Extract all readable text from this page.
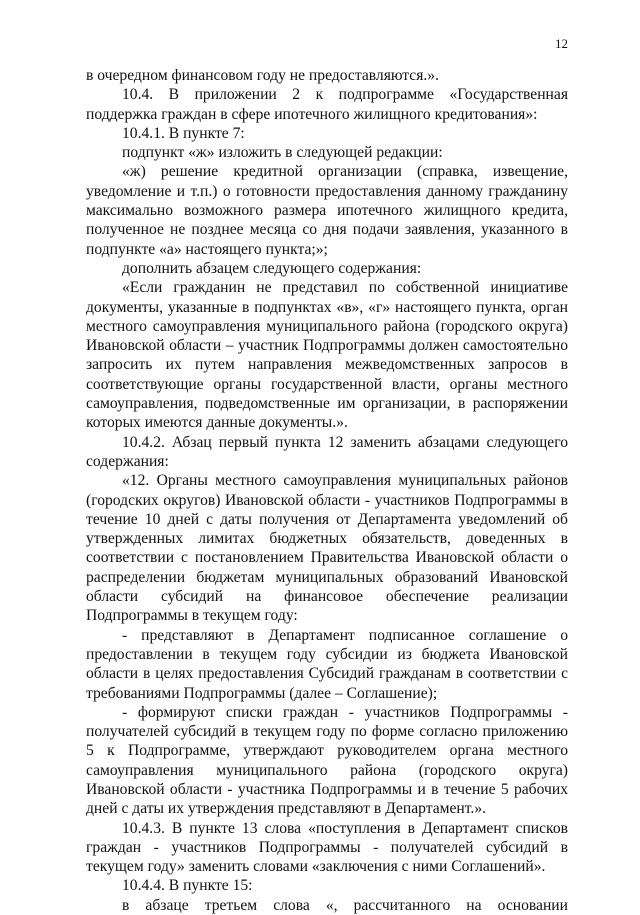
12

в очередном финансовом году не предоставляются.».

10.4. В приложении 2 к подпрограмме «Государственная поддержка граждан в сфере ипотечного жилищного кредитования»:

10.4.1. В пункте 7:

подпункт «ж» изложить в следующей редакции:

«ж) решение кредитной организации (справка, извещение, уведомление и т.п.) о готовности предоставления данному гражданину максимально возможного размера ипотечного жилищного кредита, полученное не позднее месяца со дня подачи заявления, указанного в подпункте «а» настоящего пункта;»;

дополнить абзацем следующего содержания:

«Если гражданин не представил по собственной инициативе документы, указанные в подпунктах «в», «г» настоящего пункта, орган местного самоуправления муниципального района (городского округа) Ивановской области – участник Подпрограммы должен самостоятельно запросить их путем направления межведомственных запросов в соответствующие органы государственной власти, органы местного самоуправления, подведомственные им организации, в распоряжении которых имеются данные документы.».

10.4.2. Абзац первый пункта 12 заменить абзацами следующего содержания:

«12. Органы местного самоуправления муниципальных районов (городских округов) Ивановской области - участников Подпрограммы в течение 10 дней с даты получения от Департамента уведомлений об утвержденных лимитах бюджетных обязательств, доведенных в соответствии с постановлением Правительства Ивановской области о распределении бюджетам муниципальных образований Ивановской области субсидий на финансовое обеспечение реализации Подпрограммы в текущем году:

- представляют в Департамент подписанное соглашение о предоставлении в текущем году субсидии из бюджета Ивановской области в целях предоставления Субсидий гражданам в соответствии с требованиями Подпрограммы (далее – Соглашение);

- формируют списки граждан - участников Подпрограммы - получателей субсидий в текущем году по форме согласно приложению 5 к Подпрограмме, утверждают руководителем органа местного самоуправления муниципального района (городского округа) Ивановской области - участника Подпрограммы и в течение 5 рабочих дней с даты их утверждения представляют в Департамент.».

10.4.3. В пункте 13 слова «поступления в Департамент списков граждан - участников Подпрограммы - получателей субсидий в текущем году» заменить словами «заключения с ними Соглашений».

10.4.4. В пункте 15:

в абзаце третьем слова «, рассчитанного на основании
